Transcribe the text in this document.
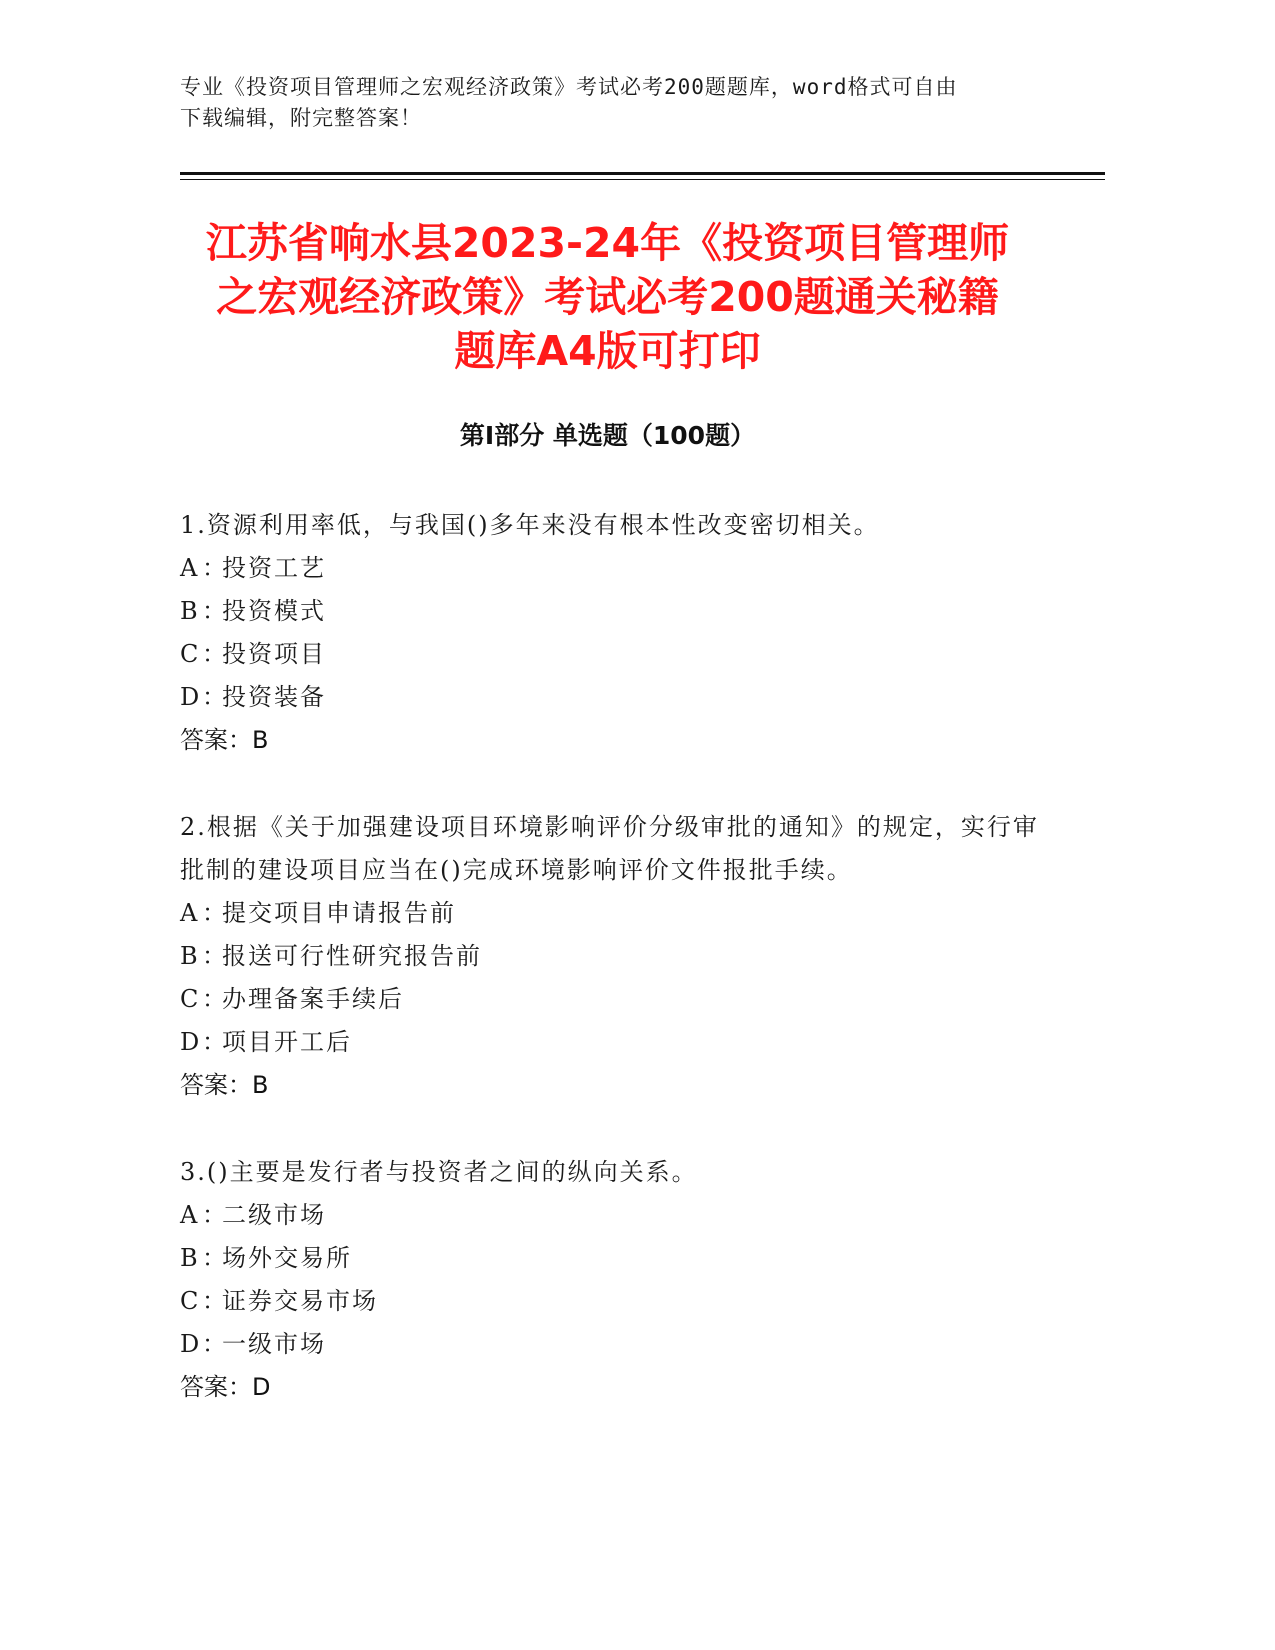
专业《投资项目管理师之宏观经济政策》考试必考200题题库，word格式可自由
下载编辑，附完整答案！
江苏省响水县2023-24年《投资项目管理师
之宏观经济政策》考试必考200题通关秘籍
题库A4版可打印
第Ⅰ部分 单选题（100题）

1.资源利用率低，与我国()多年来没有根本性改变密切相关。

A ：投资工艺
B：投资模式
C：投资项目
D：投资装备
答案：B

2.根据《关于加强建设项目环境影响评价分级审批的通知》的规定，实行审批制的建设项目应当在()完成环境影响评价文件报批手续。

A ：提交项目申请报告前
B：报送可行性研究报告前
C：办理备案手续后
D：项目开工后
答案：B

3.()主要是发行者与投资者之间的纵向关系。

A ：二级市场
B：场外交易所
C：证券交易市场
D：一级市场
答案：D
